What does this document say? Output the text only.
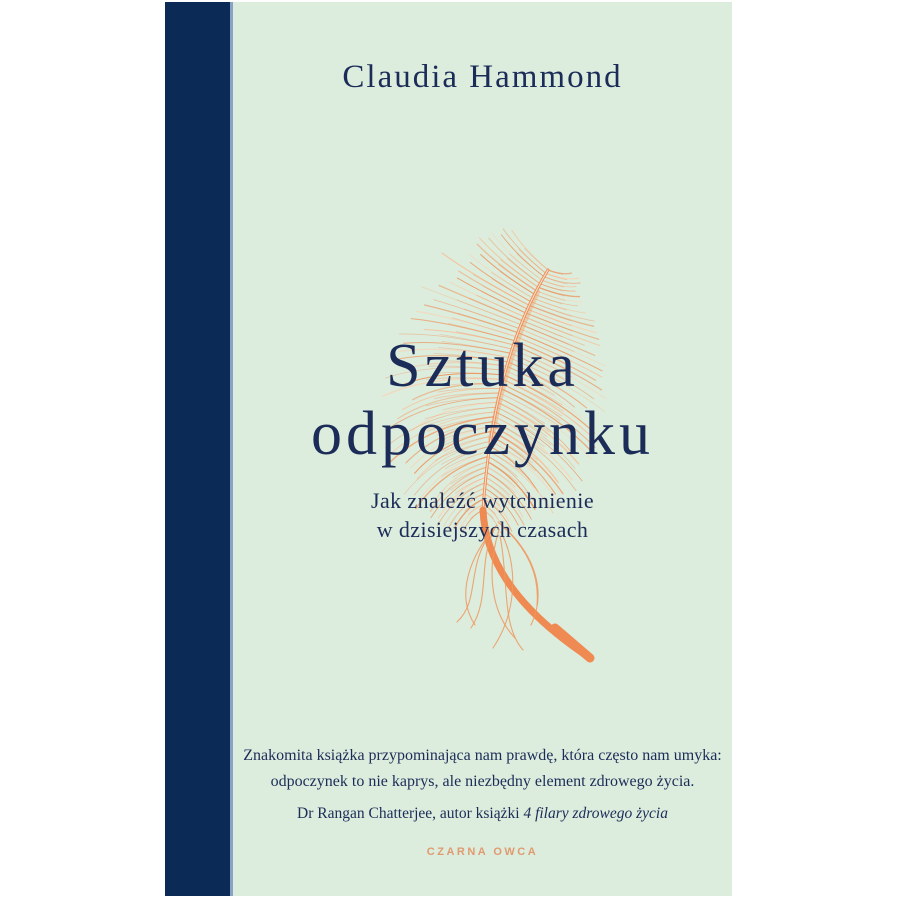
Claudia Hammond
Sztuka
odpoczynku
Jak znaleźć wytchnienie
w dzisiejszych czasach
Znakomita książka przypominająca nam prawdę, która często nam umyka:
odpoczynek to nie kaprys, ale niezbędny element zdrowego życia.
Dr Rangan Chatterjee, autor książki 4 filary zdrowego życia
CZARNA OWCA
